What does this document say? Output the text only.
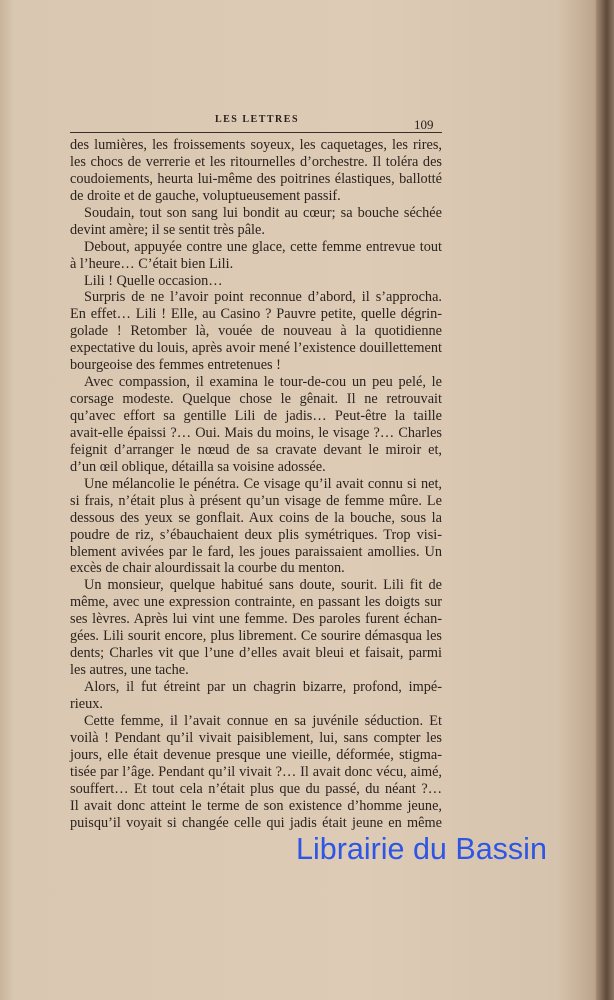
LES LETTRES	109
des lumières, les froissements soyeux, les caquetages, les rires,
les chocs de verrerie et les ritournelles d’orchestre. Il toléra des
coudoiements, heurta lui-même des poitrines élastiques, ballotté
de droite et de gauche, voluptueusement passif.
Soudain, tout son sang lui bondit au cœur; sa bouche séchée
devint amère; il se sentit très pâle.
Debout, appuyée contre une glace, cette femme entrevue tout
à l’heure… C’était bien Lili.
Lili ! Quelle occasion…
Surpris de ne l’avoir point reconnue d’abord, il s’approcha.
En effet… Lili ! Elle, au Casino ? Pauvre petite, quelle dégrin-
golade ! Retomber là, vouée de nouveau à la quotidienne
expectative du louis, après avoir mené l’existence douillettement
bourgeoise des femmes entretenues !
Avec compassion, il examina le tour-de-cou un peu pelé, le
corsage modeste. Quelque chose le gênait. Il ne retrouvait
qu’avec effort sa gentille Lili de jadis… Peut-être la taille
avait-elle épaissi ?… Oui. Mais du moins, le visage ?… Charles
feignit d’arranger le nœud de sa cravate devant le miroir et,
d’un œil oblique, détailla sa voisine adossée.
Une mélancolie le pénétra. Ce visage qu’il avait connu si net,
si frais, n’était plus à présent qu’un visage de femme mûre. Le
dessous des yeux se gonflait. Aux coins de la bouche, sous la
poudre de riz, s’ébauchaient deux plis symétriques. Trop visi-
blement avivées par le fard, les joues paraissaient amollies. Un
excès de chair alourdissait la courbe du menton.
Un monsieur, quelque habitué sans doute, sourit. Lili fit de
même, avec une expression contrainte, en passant les doigts sur
ses lèvres. Après lui vint une femme. Des paroles furent échan-
gées. Lili sourit encore, plus librement. Ce sourire démasqua les
dents; Charles vit que l’une d’elles avait bleui et faisait, parmi
les autres, une tache.
Alors, il fut étreint par un chagrin bizarre, profond, impé-
rieux.
Cette femme, il l’avait connue en sa juvénile séduction. Et
voilà ! Pendant qu’il vivait paisiblement, lui, sans compter les
jours, elle était devenue presque une vieille, déformée, stigma-
tisée par l’âge. Pendant qu’il vivait ?… Il avait donc vécu, aimé,
souffert… Et tout cela n’était plus que du passé, du néant ?…
Il avait donc atteint le terme de son existence d’homme jeune,
puisqu’il voyait si changée celle qui jadis était jeune en même
Librairie du Bassin
